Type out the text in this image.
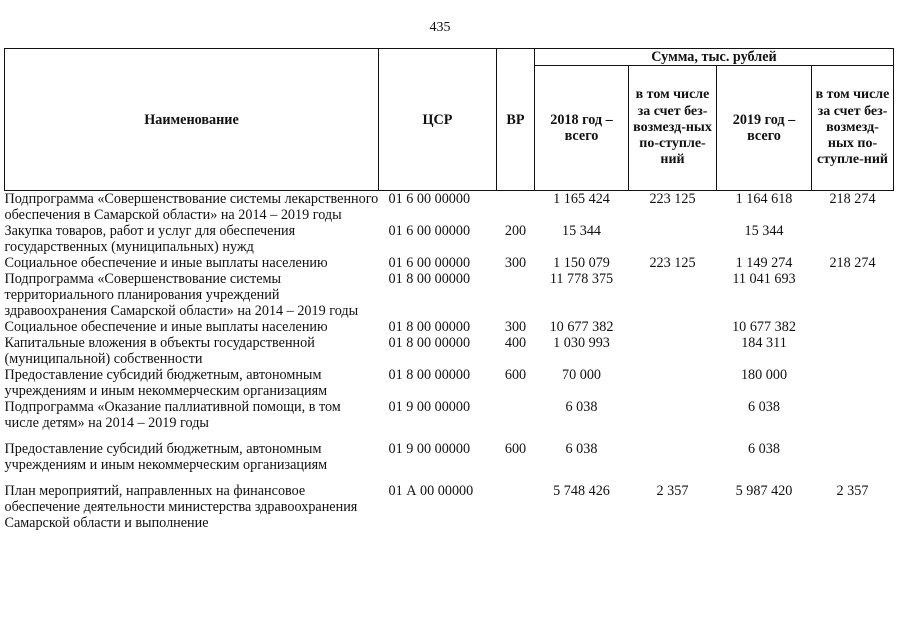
435
Наименование	ЦСР	ВР	Сумма, тыс. рублей			
			2018 год – всего	в том числе за счет без-возмезд-ных по-ступле-ний	2019 год – всего	в том числе за счет без-возмезд-ных по-ступле-ний
Подпрограмма «Совершенствование системы лекарственного обеспечения в Самарской области» на 2014 – 2019 годы	01 6 00 00000		1 165 424	223 125	1 164 618	218 274
Закупка товаров, работ и услуг для обеспечения государственных (муниципальных) нужд	01 6 00 00000	200	15 344		15 344	
Социальное обеспечение и иные выплаты населению	01 6 00 00000	300	1 150 079	223 125	1 149 274	218 274
Подпрограмма «Совершенствование системы территориального планирования учреждений здравоохранения Самарской области» на 2014 – 2019 годы	01 8 00 00000		11 778 375		11 041 693	
Социальное обеспечение и иные выплаты населению	01 8 00 00000	300	10 677 382		10 677 382	
Капитальные вложения в объекты государственной (муниципальной) собственности	01 8 00 00000	400	1 030 993		184 311	
Предоставление субсидий бюджетным, автономным учреждениям и иным некоммерческим организациям	01 8 00 00000	600	70 000		180 000	
Подпрограмма «Оказание паллиативной помощи, в том числе детям» на 2014 – 2019 годы	01 9 00 00000		6 038		6 038	
Предоставление субсидий бюджетным, автономным учреждениям и иным некоммерческим организациям	01 9 00 00000	600	6 038		6 038	
План мероприятий, направленных на финансовое обеспечение деятельности министерства здравоохранения Самарской области и выполнение	01 А 00 00000		5 748 426	2 357	5 987 420	2 357
